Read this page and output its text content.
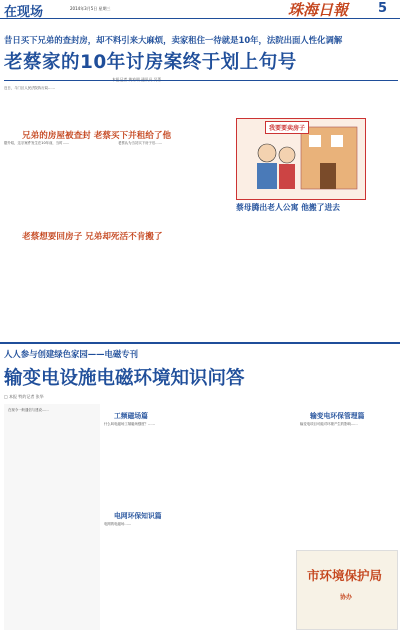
在现场	2014年3月5日 星期三	珠海日報 5
昔日买下兄弟的查封房，却不料引来大麻烦，卖家租住一待就是10年，法院出面人性化调解
老蔡家的10年讨房案终于划上句号
本报记者 黄家明 通讯员 吴菁
近日，斗门区人民法院执行局……
兄弟的房屋被查封 老蔡买下并租给了他
据介绍，这宗案件发生在10年前，当时……	老蔡认为当初买下房子后……
老蔡想要回房子 兄弟却死活不肯搬了
我要要卖房子
蔡母腾出老人公寓 他搬了进去
人人参与创建绿色家园——电磁专刊
输变电设施电磁环境知识问答
□ 本报 特约记者 张华
在现今一般通信与建设……
工频磁场篇
什么叫电磁场工频磁场强度？……
电网环保知识篇
电网的电磁场……
输变电环保管理篇
输变电项目可能对环境产生的影响……
市环境保护局
协办
